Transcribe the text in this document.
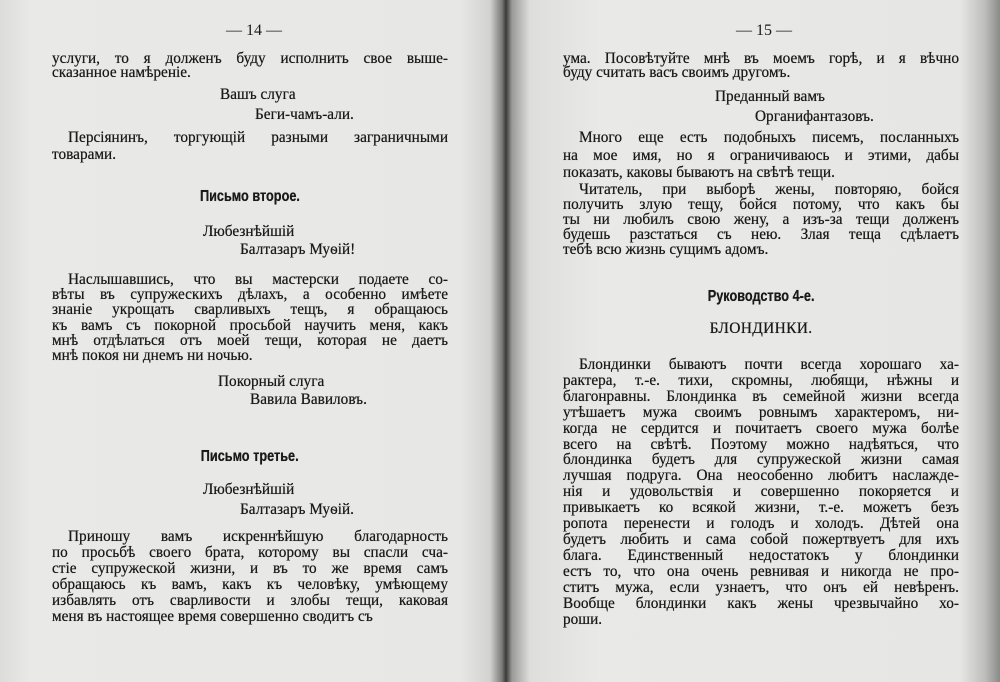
— 14 —
услуги, то я долженъ буду исполнить свое выше-
сказанное намѣреніе.
Вашъ слуга
Беги-чамъ-али.
Персіянинъ, торгующій разными заграничными
товарами.
Письмо второе.
Любезнѣйшій
Балтазаръ Муѳій!
Наслышавшись, что вы мастерски подаете со-
вѣты въ супружескихъ дѣлахъ, а особенно имѣете
знаніе укрощать сварливыхъ тещъ, я обращаюсь
къ вамъ съ покорной просьбой научить меня, какъ
мнѣ отдѣлаться отъ моей тещи, которая не даетъ
мнѣ покоя ни днемъ ни ночью.
Покорный слуга
Вавила Вавиловъ.
Письмо третье.
Любезнѣйшій
Балтазаръ Муѳій.
Приношу вамъ искреннѣйшую благодарность
по просьбѣ своего брата, которому вы спасли сча-
стіе супружеской жизни, и въ то же время самъ
обращаюсь къ вамъ, какъ къ человѣку, умѣющему
избавлять отъ сварливости и злобы тещи, каковая
меня въ настоящее время совершенно сводитъ съ
— 15 —
ума. Посовѣтуйте мнѣ въ моемъ горѣ, и я вѣчно
буду считать васъ своимъ другомъ.
Преданный вамъ
Органифантазовъ.
Много еще есть подобныхъ писемъ, посланныхъ
на мое имя, но я ограничиваюсь и этими, дабы
показать, каковы бываютъ на свѣтѣ тещи.
Читатель, при выборѣ жены, повторяю, бойся
получить злую тещу, бойся потому, что какъ бы
ты ни любилъ свою жену, а изъ-за тещи долженъ
будешь разстаться съ нею. Злая теща сдѣлаетъ
тебѣ всю жизнь сущимъ адомъ.
Руководство 4-е.
БЛОНДИНКИ.
Блондинки бываютъ почти всегда хорошаго ха-
рактера, т.-е. тихи, скромны, любящи, нѣжны и
благонравны. Блондинка въ семейной жизни всегда
утѣшаетъ мужа своимъ ровнымъ характеромъ, ни-
когда не сердится и почитаетъ своего мужа болѣе
всего на свѣтѣ. Поэтому можно надѣяться, что
блондинка будетъ для супружеской жизни самая
лучшая подруга. Она неособенно любитъ наслажде-
нія и удовольствія и совершенно покоряется и
привыкаетъ ко всякой жизни, т.-е. можетъ безъ
ропота перенести и голодъ и холодъ. Дѣтей она
будетъ любить и сама собой пожертвуетъ для ихъ
блага. Единственный недостатокъ у блондинки
естъ то, что она очень ревнивая и никогда не про-
ститъ мужа, если узнаетъ, что онъ ей невѣренъ.
Вообще блондинки какъ жены чрезвычайно хо-
роши.
